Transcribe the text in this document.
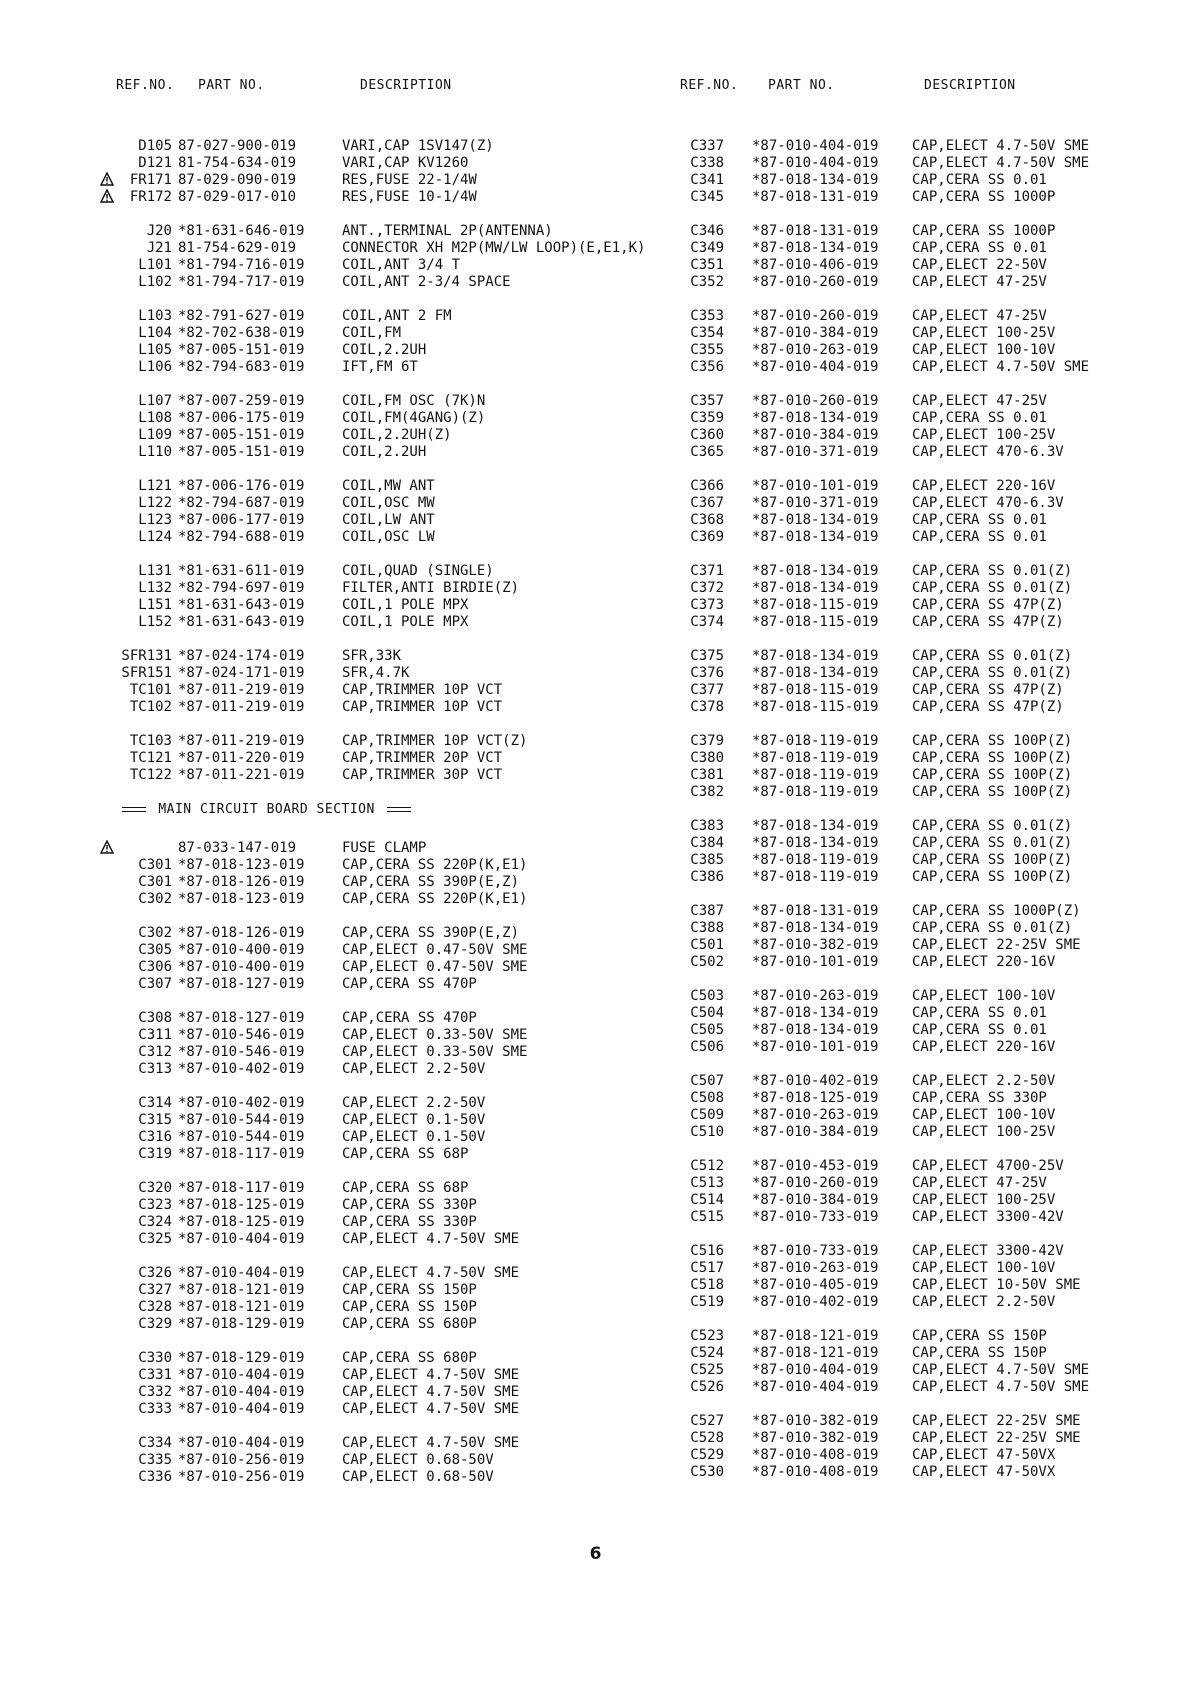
REF.NO. PART NO.	DESCRIPTION
D105 87-027-900-019	VARI,CAP 1SV147(Z)
D121 81-754-634-019	VARI,CAP KV1260
FR171 87-029-090-019	RES,FUSE 22-1/4W
FR172 87-029-017-010	RES,FUSE 10-1/4W
J20 *81-631-646-019	ANT.,TERMINAL 2P(ANTENNA)
J21 81-754-629-019	CONNECTOR XH M2P(MW/LW LOOP)(E,E1,K)
L101 *81-794-716-019	COIL,ANT 3/4 T
L102 *81-794-717-019	COIL,ANT 2-3/4 SPACE
L103 *82-791-627-019	COIL,ANT 2 FM
L104 *82-702-638-019	COIL,FM
L105 *87-005-151-019	COIL,2.2UH
L106 *82-794-683-019	IFT,FM 6T
L107 *87-007-259-019	COIL,FM OSC (7K)N
L108 *87-006-175-019	COIL,FM(4GANG)(Z)
L109 *87-005-151-019	COIL,2.2UH(Z)
L110 *87-005-151-019	COIL,2.2UH
L121 *87-006-176-019	COIL,MW ANT
L122 *82-794-687-019	COIL,OSC MW
L123 *87-006-177-019	COIL,LW ANT
L124 *82-794-688-019	COIL,OSC LW
L131 *81-631-611-019	COIL,QUAD (SINGLE)
L132 *82-794-697-019	FILTER,ANTI BIRDIE(Z)
L151 *81-631-643-019	COIL,1 POLE MPX
L152 *81-631-643-019	COIL,1 POLE MPX
SFR131 *87-024-174-019	SFR,33K
SFR151 *87-024-171-019	SFR,4.7K
TC101 *87-011-219-019	CAP,TRIMMER 10P VCT
TC102 *87-011-219-019	CAP,TRIMMER 10P VCT
TC103 *87-011-219-019	CAP,TRIMMER 10P VCT(Z)
TC121 *87-011-220-019	CAP,TRIMMER 20P VCT
TC122 *87-011-221-019	CAP,TRIMMER 30P VCT
MAIN CIRCUIT BOARD SECTION
87-033-147-019	FUSE CLAMP
C301 *87-018-123-019	CAP,CERA SS 220P(K,E1)
C301 *87-018-126-019	CAP,CERA SS 390P(E,Z)
C302 *87-018-123-019	CAP,CERA SS 220P(K,E1)
C302 *87-018-126-019	CAP,CERA SS 390P(E,Z)
C305 *87-010-400-019	CAP,ELECT 0.47-50V SME
C306 *87-010-400-019	CAP,ELECT 0.47-50V SME
C307 *87-018-127-019	CAP,CERA SS 470P
C308 *87-018-127-019	CAP,CERA SS 470P
C311 *87-010-546-019	CAP,ELECT 0.33-50V SME
C312 *87-010-546-019	CAP,ELECT 0.33-50V SME
C313 *87-010-402-019	CAP,ELECT 2.2-50V
C314 *87-010-402-019	CAP,ELECT 2.2-50V
C315 *87-010-544-019	CAP,ELECT 0.1-50V
C316 *87-010-544-019	CAP,ELECT 0.1-50V
C319 *87-018-117-019	CAP,CERA SS 68P
C320 *87-018-117-019	CAP,CERA SS 68P
C323 *87-018-125-019	CAP,CERA SS 330P
C324 *87-018-125-019	CAP,CERA SS 330P
C325 *87-010-404-019	CAP,ELECT 4.7-50V SME
C326 *87-010-404-019	CAP,ELECT 4.7-50V SME
C327 *87-018-121-019	CAP,CERA SS 150P
C328 *87-018-121-019	CAP,CERA SS 150P
C329 *87-018-129-019	CAP,CERA SS 680P
C330 *87-018-129-019	CAP,CERA SS 680P
C331 *87-010-404-019	CAP,ELECT 4.7-50V SME
C332 *87-010-404-019	CAP,ELECT 4.7-50V SME
C333 *87-010-404-019	CAP,ELECT 4.7-50V SME
C334 *87-010-404-019	CAP,ELECT 4.7-50V SME
C335 *87-010-256-019	CAP,ELECT 0.68-50V
C336 *87-010-256-019	CAP,ELECT 0.68-50V
REF.NO. PART NO.	DESCRIPTION
C337 *87-010-404-019 CAP,ELECT 4.7-50V SME
C338 *87-010-404-019 CAP,ELECT 4.7-50V SME
C341 *87-018-134-019 CAP,CERA SS 0.01
C345 *87-018-131-019 CAP,CERA SS 1000P
C346 *87-018-131-019 CAP,CERA SS 1000P
C349 *87-018-134-019 CAP,CERA SS 0.01
C351 *87-010-406-019 CAP,ELECT 22-50V
C352 *87-010-260-019 CAP,ELECT 47-25V
C353 *87-010-260-019 CAP,ELECT 47-25V
C354 *87-010-384-019 CAP,ELECT 100-25V
C355 *87-010-263-019 CAP,ELECT 100-10V
C356 *87-010-404-019 CAP,ELECT 4.7-50V SME
C357 *87-010-260-019 CAP,ELECT 47-25V
C359 *87-018-134-019 CAP,CERA SS 0.01
C360 *87-010-384-019 CAP,ELECT 100-25V
C365 *87-010-371-019 CAP,ELECT 470-6.3V
C366 *87-010-101-019 CAP,ELECT 220-16V
C367 *87-010-371-019 CAP,ELECT 470-6.3V
C368 *87-018-134-019 CAP,CERA SS 0.01
C369 *87-018-134-019 CAP,CERA SS 0.01
C371 *87-018-134-019 CAP,CERA SS 0.01(Z)
C372 *87-018-134-019 CAP,CERA SS 0.01(Z)
C373 *87-018-115-019 CAP,CERA SS 47P(Z)
C374 *87-018-115-019 CAP,CERA SS 47P(Z)
C375 *87-018-134-019 CAP,CERA SS 0.01(Z)
C376 *87-018-134-019 CAP,CERA SS 0.01(Z)
C377 *87-018-115-019 CAP,CERA SS 47P(Z)
C378 *87-018-115-019 CAP,CERA SS 47P(Z)
C379 *87-018-119-019 CAP,CERA SS 100P(Z)
C380 *87-018-119-019 CAP,CERA SS 100P(Z)
C381 *87-018-119-019 CAP,CERA SS 100P(Z)
C382 *87-018-119-019 CAP,CERA SS 100P(Z)
C383 *87-018-134-019 CAP,CERA SS 0.01(Z)
C384 *87-018-134-019 CAP,CERA SS 0.01(Z)
C385 *87-018-119-019 CAP,CERA SS 100P(Z)
C386 *87-018-119-019 CAP,CERA SS 100P(Z)
C387 *87-018-131-019 CAP,CERA SS 1000P(Z)
C388 *87-018-134-019 CAP,CERA SS 0.01(Z)
C501 *87-010-382-019 CAP,ELECT 22-25V SME
C502 *87-010-101-019 CAP,ELECT 220-16V
C503 *87-010-263-019 CAP,ELECT 100-10V
C504 *87-018-134-019 CAP,CERA SS 0.01
C505 *87-018-134-019 CAP,CERA SS 0.01
C506 *87-010-101-019 CAP,ELECT 220-16V
C507 *87-010-402-019 CAP,ELECT 2.2-50V
C508 *87-018-125-019 CAP,CERA SS 330P
C509 *87-010-263-019 CAP,ELECT 100-10V
C510 *87-010-384-019 CAP,ELECT 100-25V
C512 *87-010-453-019 CAP,ELECT 4700-25V
C513 *87-010-260-019 CAP,ELECT 47-25V
C514 *87-010-384-019 CAP,ELECT 100-25V
C515 *87-010-733-019 CAP,ELECT 3300-42V
C516 *87-010-733-019 CAP,ELECT 3300-42V
C517 *87-010-263-019 CAP,ELECT 100-10V
C518 *87-010-405-019 CAP,ELECT 10-50V SME
C519 *87-010-402-019 CAP,ELECT 2.2-50V
C523 *87-018-121-019 CAP,CERA SS 150P
C524 *87-018-121-019 CAP,CERA SS 150P
C525 *87-010-404-019 CAP,ELECT 4.7-50V SME
C526 *87-010-404-019 CAP,ELECT 4.7-50V SME
C527 *87-010-382-019 CAP,ELECT 22-25V SME
C528 *87-010-382-019 CAP,ELECT 22-25V SME
C529 *87-010-408-019 CAP,ELECT 47-50VX
C530 *87-010-408-019 CAP,ELECT 47-50VX
6
